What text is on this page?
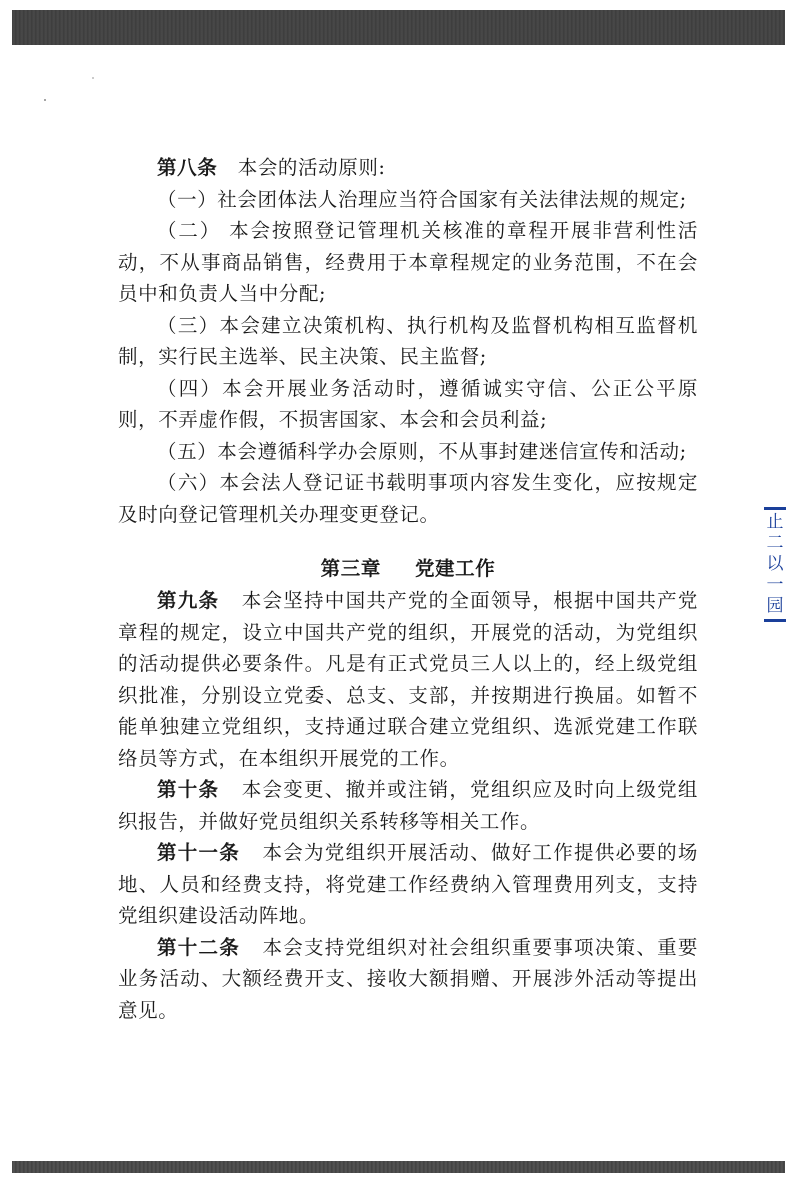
第八条 本会的活动原则:

（一）社会团体法人治理应当符合国家有关法律法规的规定;

（二） 本会按照登记管理机关核准的章程开展非营利性活动，不从事商品销售，经费用于本章程规定的业务范围，不在会员中和负责人当中分配;

（三）本会建立决策机构、执行机构及监督机构相互监督机制，实行民主选举、民主决策、民主监督;

（四）本会开展业务活动时，遵循诚实守信、公正公平原则，不弄虚作假，不损害国家、本会和会员利益;

（五）本会遵循科学办会原则，不从事封建迷信宣传和活动;

（六）本会法人登记证书载明事项内容发生变化，应按规定及时向登记管理机关办理变更登记。

第三章 党建工作

第九条 本会坚持中国共产党的全面领导，根据中国共产党章程的规定，设立中国共产党的组织，开展党的活动，为党组织的活动提供必要条件。凡是有正式党员三人以上的，经上级党组织批准，分别设立党委、总支、支部，并按期进行换届。如暂不能单独建立党组织，支持通过联合建立党组织、选派党建工作联络员等方式，在本组织开展党的工作。

第十条 本会变更、撤并或注销，党组织应及时向上级党组织报告，并做好党员组织关系转移等相关工作。

第十一条 本会为党组织开展活动、做好工作提供必要的场地、人员和经费支持，将党建工作经费纳入管理费用列支，支持党组织建设活动阵地。

第十二条 本会支持党组织对社会组织重要事项决策、重要业务活动、大额经费开支、接收大额捐赠、开展涉外活动等提出意见。

止
二
以
一
园
